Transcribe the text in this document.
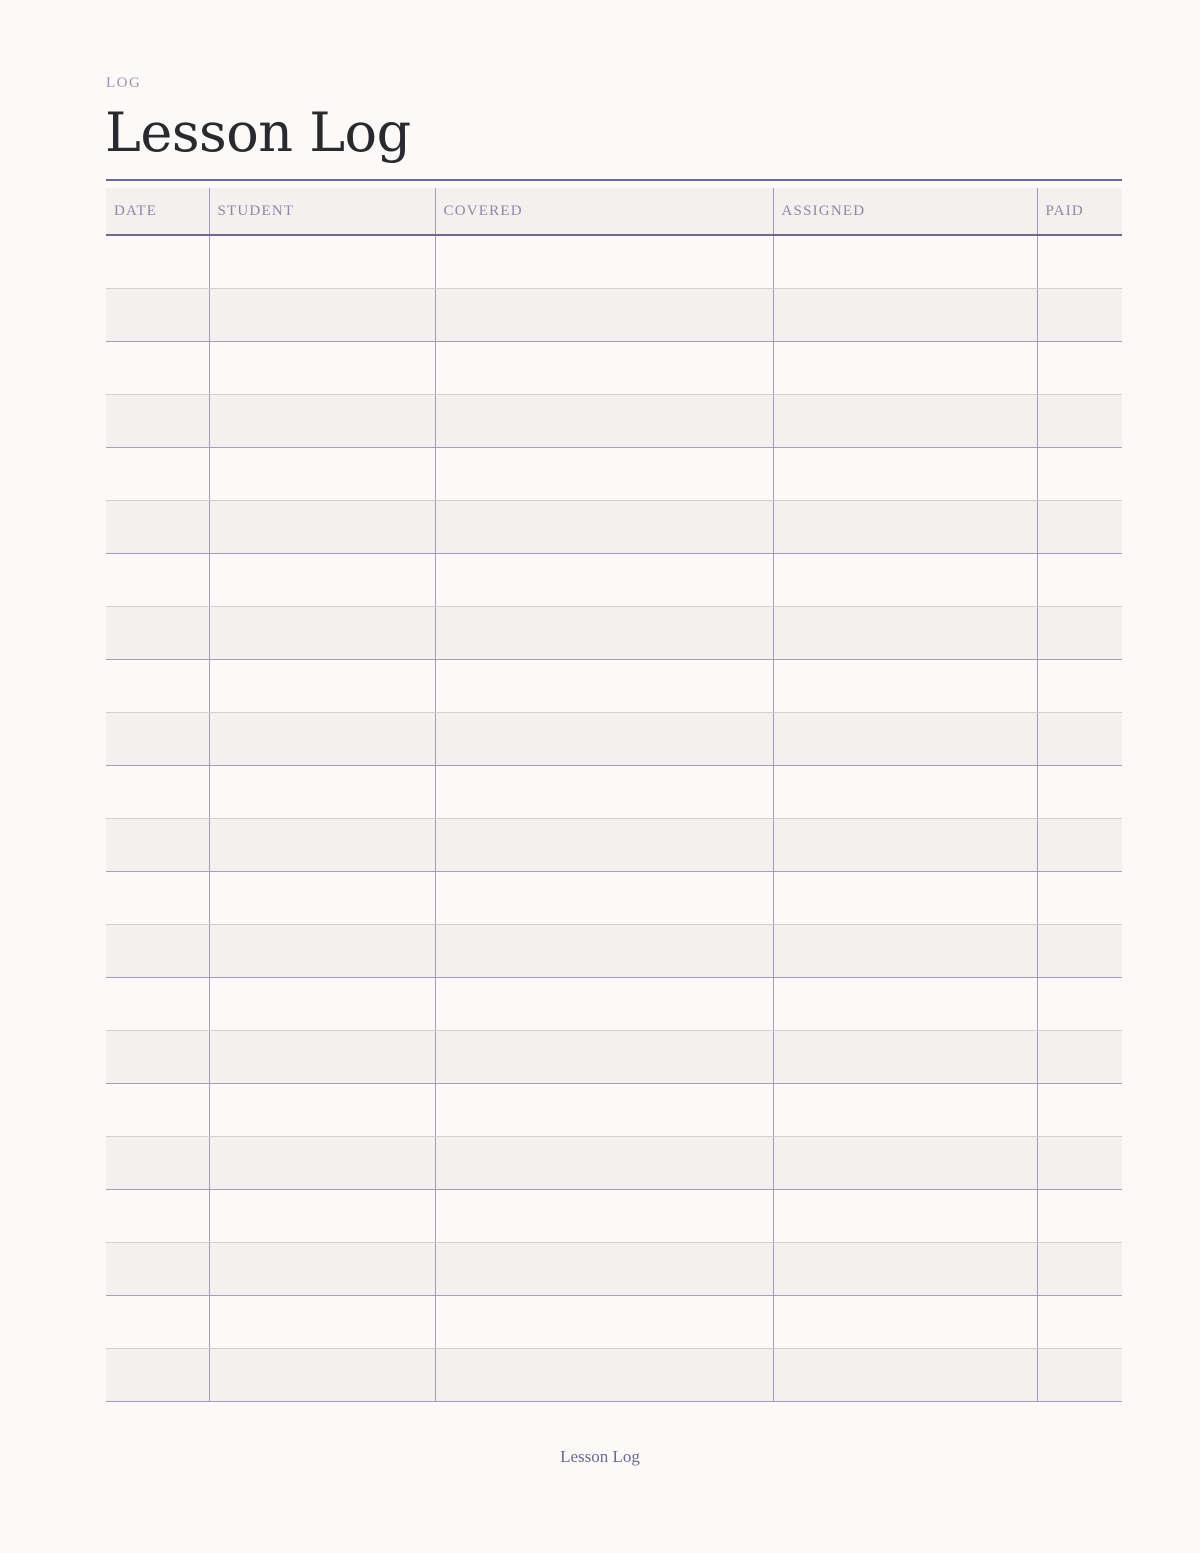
LOG
Lesson Log
DATE	STUDENT	COVERED	ASSIGNED	PAID

Lesson Log
